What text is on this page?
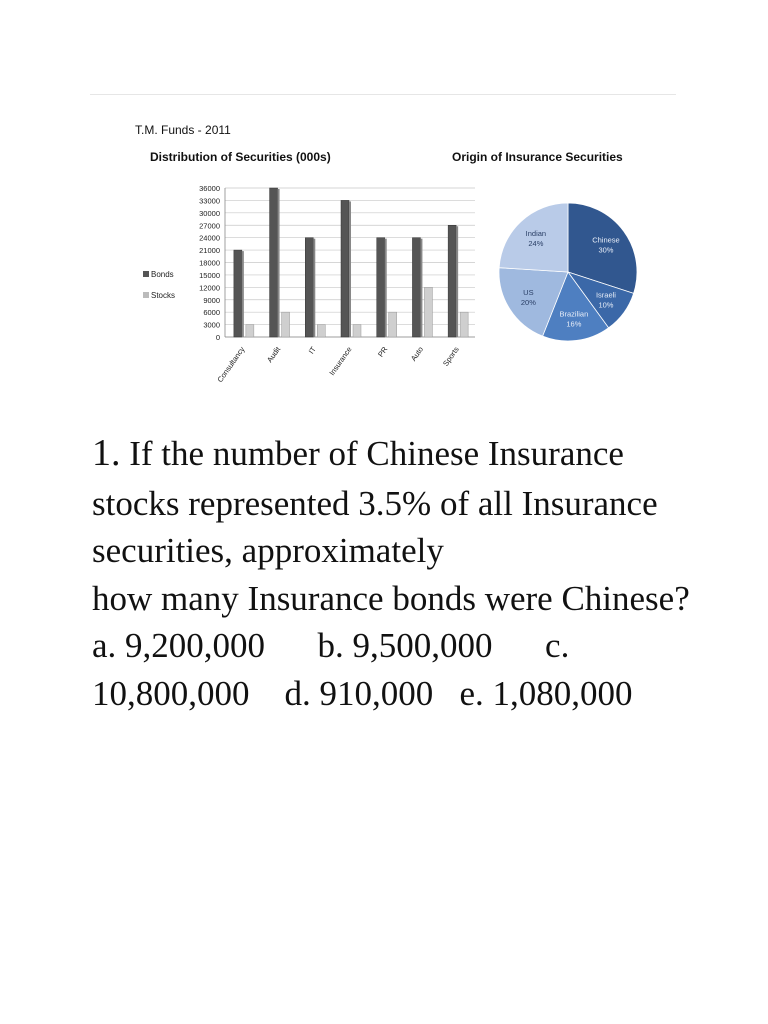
T.M. Funds - 2011
Distribution of Securities (000s)
0
3000
6000
9000
12000
15000
18000
21000
24000
27000
30000
33000
36000
Consultancy Audit	IT Insurance	PR	Auto Sports
Bonds
Stocks
Origin of Insurance Securities
Chinese
30%
Israeli
10%
Brazilian
16%
US
20%
Indian
24%

1. If the number of Chinese Insurance stocks represented 3.5% of all Insurance securities, approximately

how many Insurance bonds were Chinese?

a. 9,200,000      b. 9,500,000      c. 10,800,000    d. 910,000   e. 1,080,000
